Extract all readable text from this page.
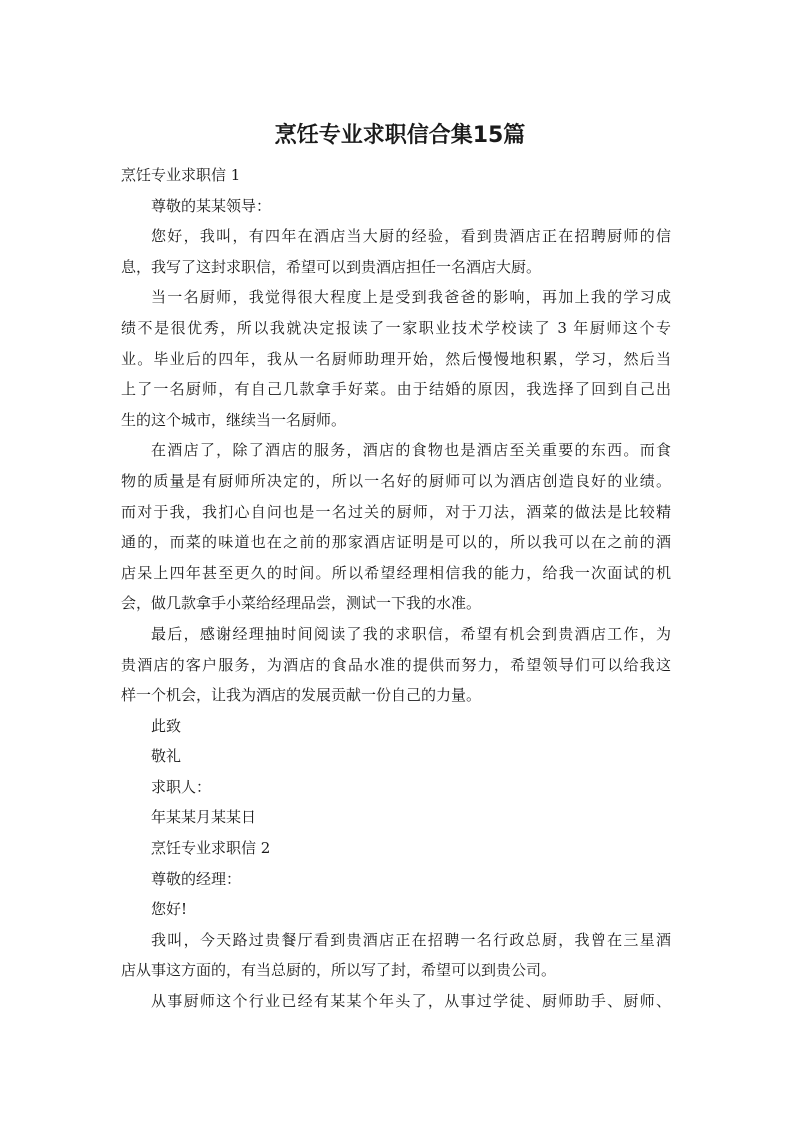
烹饪专业求职信合集15篇

烹饪专业求职信 1

尊敬的某某领导：

您好，我叫，有四年在酒店当大厨的经验，看到贵酒店正在招聘厨师的信

息，我写了这封求职信，希望可以到贵酒店担任一名酒店大厨。

当一名厨师，我觉得很大程度上是受到我爸爸的影响，再加上我的学习成

绩不是很优秀，所以我就决定报读了一家职业技术学校读了 3 年厨师这个专

业。毕业后的四年，我从一名厨师助理开始，然后慢慢地积累，学习，然后当

上了一名厨师，有自己几款拿手好菜。由于结婚的原因，我选择了回到自己出

生的这个城市，继续当一名厨师。

在酒店了，除了酒店的服务，酒店的食物也是酒店至关重要的东西。而食

物的质量是有厨师所决定的，所以一名好的厨师可以为酒店创造良好的业绩。

而对于我，我扪心自问也是一名过关的厨师，对于刀法，酒菜的做法是比较精

通的，而菜的味道也在之前的那家酒店证明是可以的，所以我可以在之前的酒

店呆上四年甚至更久的时间。所以希望经理相信我的能力，给我一次面试的机

会，做几款拿手小菜给经理品尝，测试一下我的水准。

最后，感谢经理抽时间阅读了我的求职信，希望有机会到贵酒店工作，为

贵酒店的客户服务，为酒店的食品水准的提供而努力，希望领导们可以给我这

样一个机会，让我为酒店的发展贡献一份自己的力量。

此致

敬礼

求职人：

年某某月某某日

烹饪专业求职信 2

尊敬的经理：

您好!

我叫，今天路过贵餐厅看到贵酒店正在招聘一名行政总厨，我曾在三星酒

店从事这方面的，有当总厨的，所以写了封，希望可以到贵公司。

从事厨师这个行业已经有某某个年头了，从事过学徒、厨师助手、厨师、
